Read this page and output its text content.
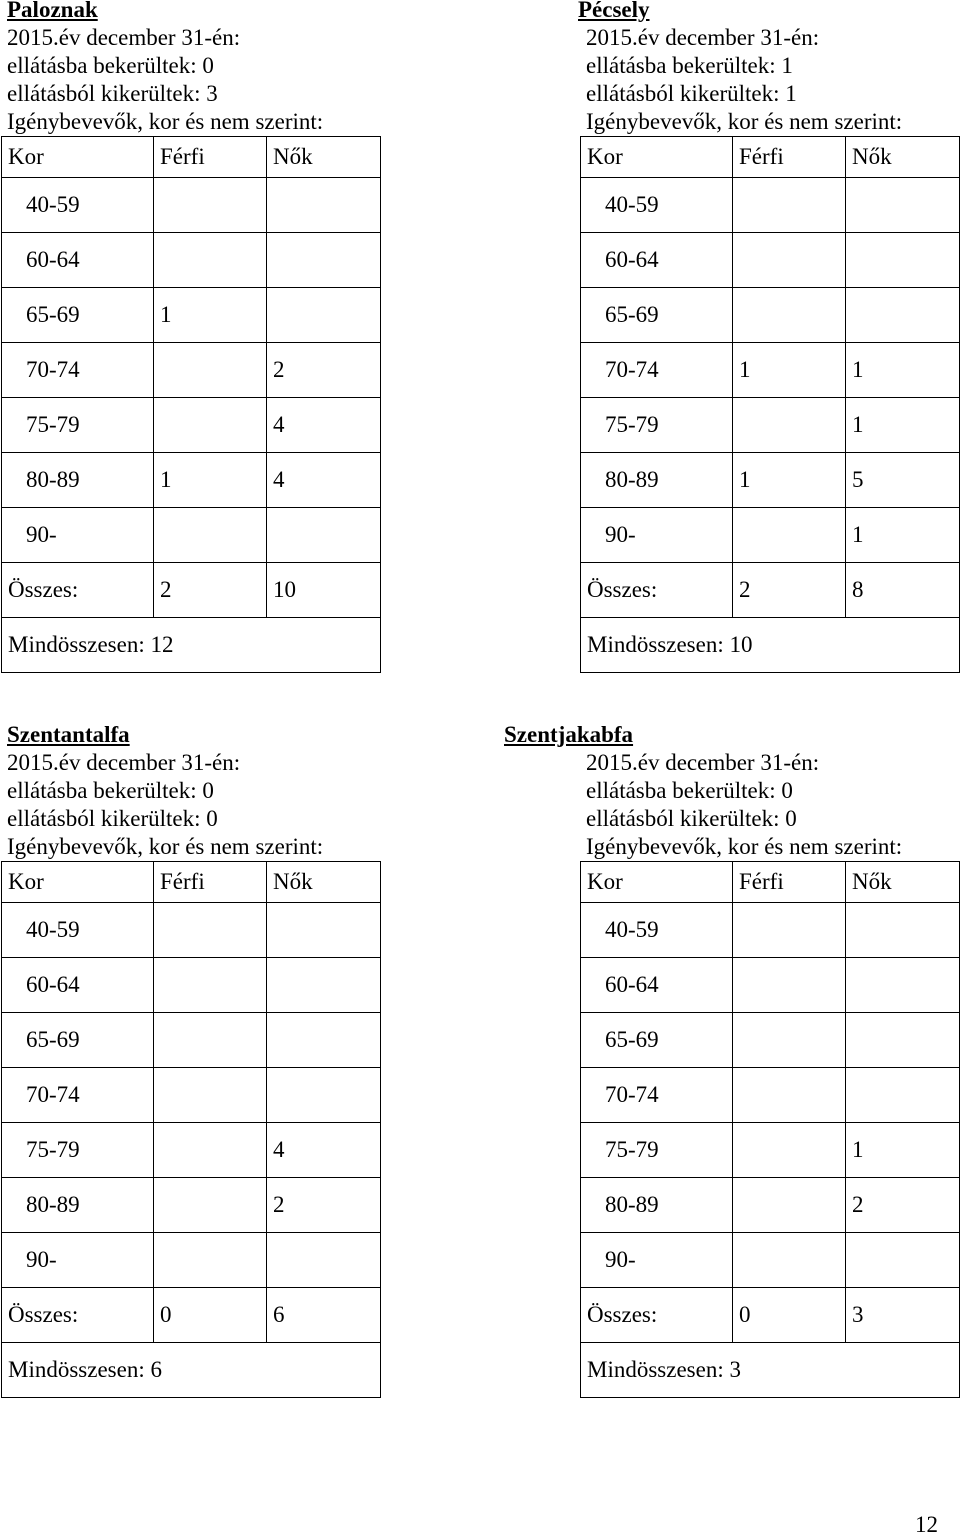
Paloznak
2015.év december 31-én:
ellátásba bekerültek: 0
ellátásból kikerültek: 3
Igénybevevők, kor és nem szerint:
Kor	Férfi	Nők
40-59		
60-64		
65-69	1	
70-74		2
75-79		4
80-89	1	4
90-		
Összes:	2	10
Mindösszesen: 12		
Pécsely
2015.év december 31-én:
ellátásba bekerültek: 1
ellátásból kikerültek: 1
Igénybevevők, kor és nem szerint:
Kor	Férfi	Nők
40-59		
60-64		
65-69		
70-74	1	1
75-79		1
80-89	1	5
90-		1
Összes:	2	8
Mindösszesen: 10		
Szentantalfa
2015.év december 31-én:
ellátásba bekerültek: 0
ellátásból kikerültek: 0
Igénybevevők, kor és nem szerint:
Kor	Férfi	Nők
40-59		
60-64		
65-69		
70-74		
75-79		4
80-89		2
90-		
Összes:	0	6
Mindösszesen: 6		
Szentjakabfa
2015.év december 31-én:
ellátásba bekerültek: 0
ellátásból kikerültek: 0
Igénybevevők, kor és nem szerint:
Kor	Férfi	Nők
40-59		
60-64		
65-69		
70-74		
75-79		1
80-89		2
90-		
Összes:	0	3
Mindösszesen: 3		
12
